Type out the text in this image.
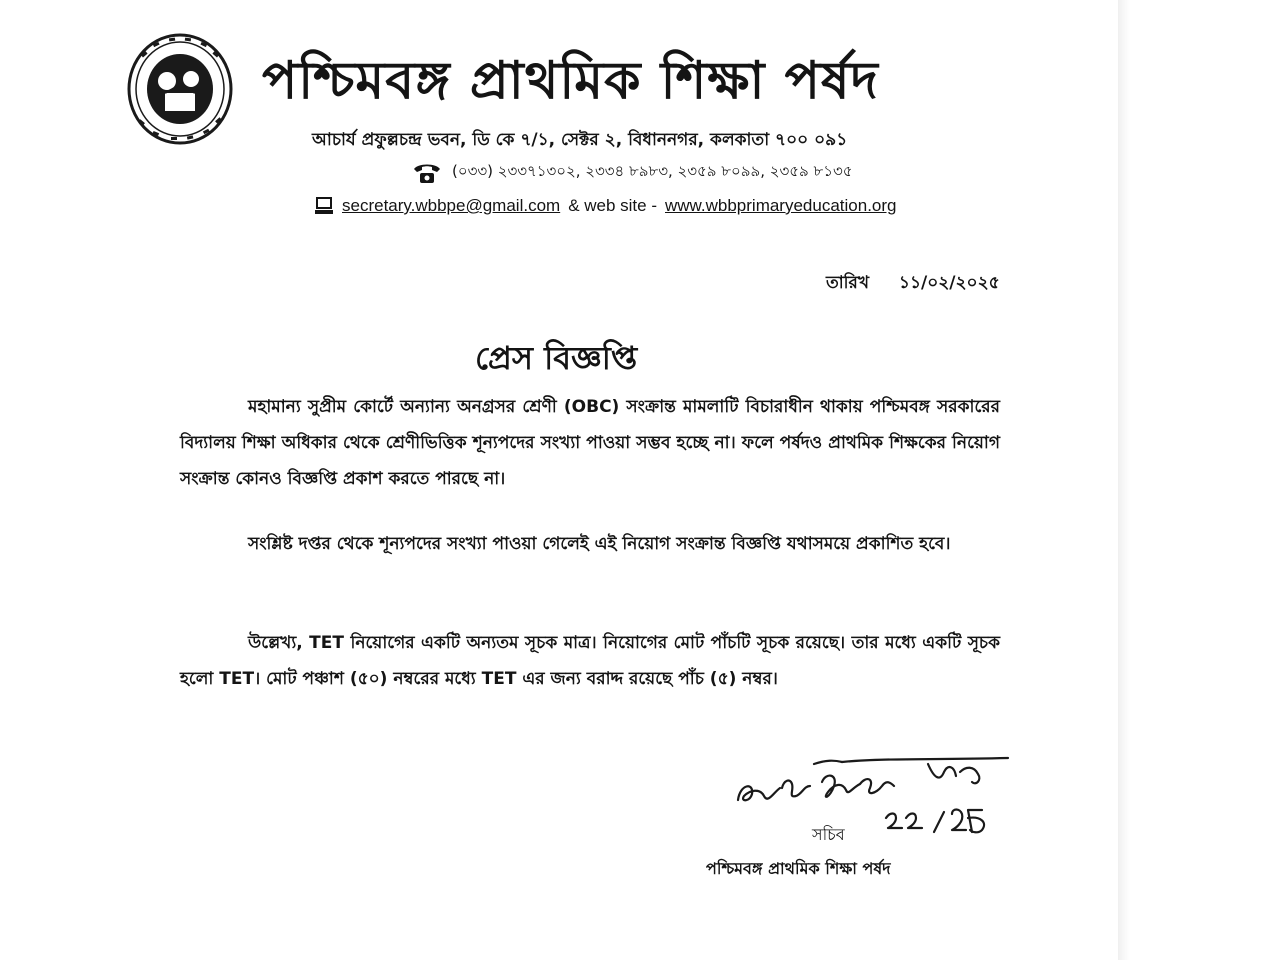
পশ্চিমবঙ্গ প্রাথমিক শিক্ষা পর্ষদ
আচার্য প্রফুল্লচন্দ্র ভবন, ডি কে ৭/১, সেক্টর ২, বিধাননগর, কলকাতা ৭০০ ০৯১
(০৩৩) ২৩৩৭১৩০২, ২৩৩৪ ৮৯৮৩, ২৩৫৯ ৮০৯৯, ২৩৫৯ ৮১৩৫
secretary.wbbpe@gmail.com & web site - www.wbbprimaryeducation.org
তারিখ ১১/০২/২০২৫
প্রেস বিজ্ঞপ্তি

মহামান্য সুপ্রীম কোর্টে অন্যান্য অনগ্রসর শ্রেণী (OBC) সংক্রান্ত মামলাটি বিচারাধীন থাকায় পশ্চিমবঙ্গ সরকারের বিদ্যালয় শিক্ষা অধিকার থেকে শ্রেণীভিত্তিক শূন্যপদের সংখ্যা পাওয়া সম্ভব হচ্ছে না। ফলে পর্ষদও প্রাথমিক শিক্ষকের নিয়োগ সংক্রান্ত কোনও বিজ্ঞপ্তি প্রকাশ করতে পারছে না।

সংশ্লিষ্ট দপ্তর থেকে শূন্যপদের সংখ্যা পাওয়া গেলেই এই নিয়োগ সংক্রান্ত বিজ্ঞপ্তি যথাসময়ে প্রকাশিত হবে।

উল্লেখ্য, TET নিয়োগের একটি অন্যতম সূচক মাত্র। নিয়োগের মোট পাঁচটি সূচক রয়েছে। তার মধ্যে একটি সূচক হলো TET। মোট পঞ্চাশ (৫০) নম্বরের মধ্যে TET এর জন্য বরাদ্দ রয়েছে পাঁচ (৫) নম্বর।

সচিব
পশ্চিমবঙ্গ প্রাথমিক শিক্ষা পর্ষদ
